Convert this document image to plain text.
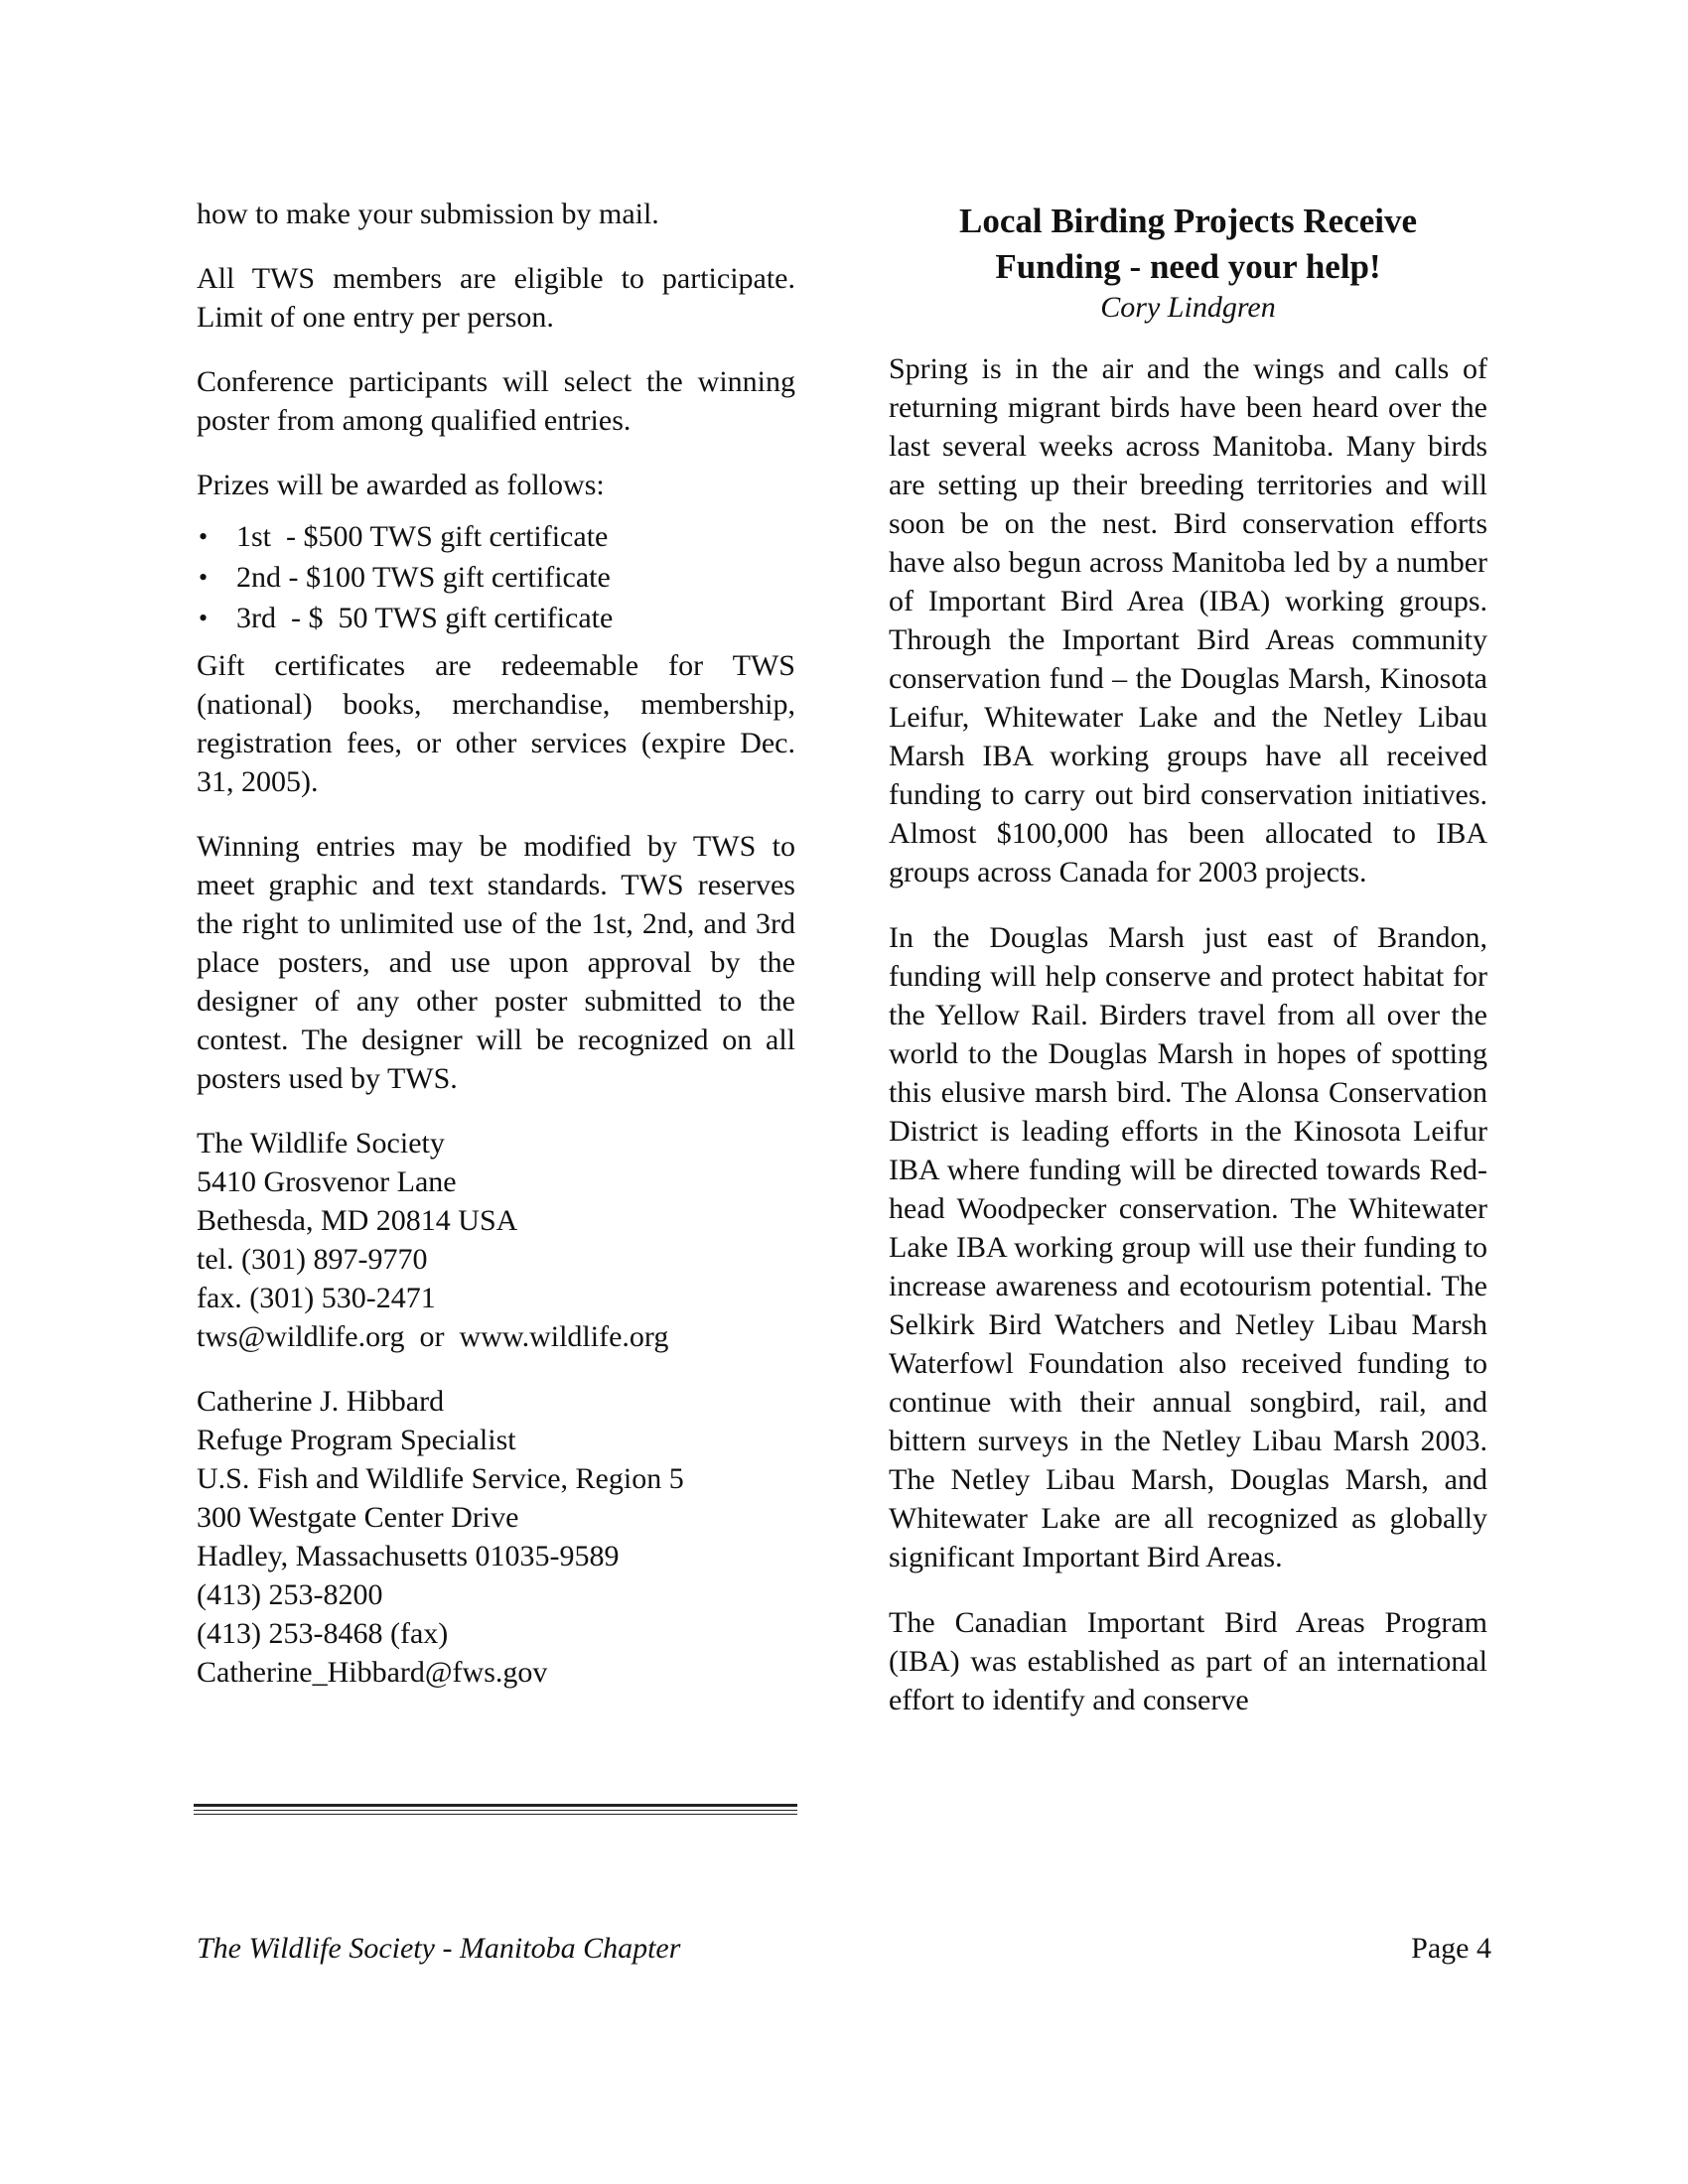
how to make your submission by mail.

All TWS members are eligible to participate. Limit of one entry per person.

Conference participants will select the winning poster from among qualified entries.

Prizes will be awarded as follows:

• 1st  - $500 TWS gift certificate
• 2nd - $100 TWS gift certificate
• 3rd  - $  50 TWS gift certificate

Gift certificates are redeemable for TWS (national) books, merchandise, membership, registration fees, or other services (expire Dec. 31, 2005).

Winning entries may be modified by TWS to meet graphic and text standards. TWS reserves the right to unlimited use of the 1st, 2nd, and 3rd place posters, and use upon approval by the designer of any other poster submitted to the contest. The designer will be recognized on all posters used by TWS.

The Wildlife Society
5410 Grosvenor Lane
Bethesda, MD 20814 USA
tel. (301) 897-9770
fax. (301) 530-2471
tws@wildlife.org  or  www.wildlife.org
Catherine J. Hibbard
Refuge Program Specialist
U.S. Fish and Wildlife Service, Region 5
300 Westgate Center Drive
Hadley, Massachusetts 01035-9589
(413) 253-8200
(413) 253-8468 (fax)
Catherine_Hibbard@fws.gov
Local Birding Projects Receive
Funding - need your help!
Cory Lindgren

Spring is in the air and the wings and calls of returning migrant birds have been heard over the last several weeks across Manitoba. Many birds are setting up their breeding territories and will soon be on the nest. Bird conservation efforts have also begun across Manitoba led by a number of Important Bird Area (IBA) working groups. Through the Important Bird Areas community conservation fund – the Douglas Marsh, Kinosota Leifur, Whitewater Lake and the Netley Libau Marsh IBA working groups have all received funding to carry out bird conservation initiatives. Almost $100,000 has been allocated to IBA groups across Canada for 2003 projects.

In the Douglas Marsh just east of Brandon, funding will help conserve and protect habitat for the Yellow Rail. Birders travel from all over the world to the Douglas Marsh in hopes of spotting this elusive marsh bird. The Alonsa Conservation District is leading efforts in the Kinosota Leifur IBA where funding will be directed towards Red-head Woodpecker conservation. The Whitewater Lake IBA working group will use their funding to increase awareness and ecotourism potential. The Selkirk Bird Watchers and Netley Libau Marsh Waterfowl Foundation also received funding to continue with their annual songbird, rail, and bittern surveys in the Netley Libau Marsh 2003. The Netley Libau Marsh, Douglas Marsh, and Whitewater Lake are all recognized as globally significant Important Bird Areas.

The Canadian Important Bird Areas Program (IBA) was established as part of an international effort to identify and conserve

The Wildlife Society - Manitoba Chapter	Page 4
